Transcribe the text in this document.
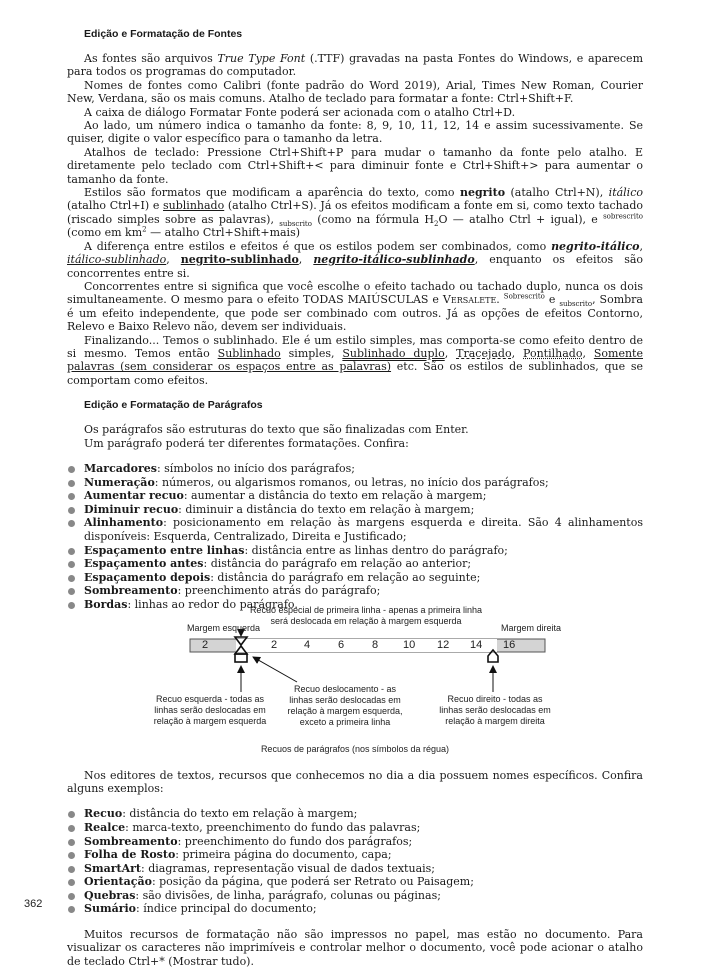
Edição e Formatação de Fontes

As fontes são arquivos True Type Font (.TTF) gravadas na pasta Fontes do Windows, e aparecem para todos os programas do computador.

Nomes de fontes como Calibri (fonte padrão do Word 2019), Arial, Times New Roman, Courier New, Verdana, são os mais comuns. Atalho de teclado para formatar a fonte: Ctrl+Shift+F.

A caixa de diálogo Formatar Fonte poderá ser acionada com o atalho Ctrl+D.

Ao lado, um número indica o tamanho da fonte: 8, 9, 10, 11, 12, 14 e assim sucessivamente. Se quiser, digite o valor específico para o tamanho da letra.

Atalhos de teclado: Pressione Ctrl+Shift+P para mudar o tamanho da fonte pelo atalho. E diretamente pelo teclado com Ctrl+Shift+< para diminuir fonte e Ctrl+Shift+> para aumentar o tamanho da fonte.

Estilos são formatos que modificam a aparência do texto, como negrito (atalho Ctrl+N), itálico (atalho Ctrl+I) e sublinhado (atalho Ctrl+S). Já os efeitos modificam a fonte em si, como texto tachado (riscado simples sobre as palavras), $_{subscrito}$ (como na fórmula $H_2O$ — atalho Ctrl + igual), e $^{sobrescrito}$ (como em $km^2$ — atalho Ctrl+Shift+mais)

A diferença entre estilos e efeitos é que os estilos podem ser combinados, como negrito-itálico, itálico-sublinhado, negrito-sublinhado, negrito-itálico-sublinhado, enquanto os efeitos são concorrentes entre si.

Concorrentes entre si significa que você escolhe o efeito tachado ou tachado duplo, nunca os dois simultaneamente. O mesmo para o efeito TODAS MAIÚSCULAS e Versalete. $^{Sobrescrito}$ e $_{subscrito}$, Sombra é um efeito independente, que pode ser combinado com outros. Já as opções de efeitos Contorno, Relevo e Baixo Relevo não, devem ser individuais.

Finalizando... Temos o sublinhado. Ele é um estilo simples, mas comporta-se como efeito dentro de si mesmo. Temos então Sublinhado simples, Sublinhado duplo, Tracejado, Pontilhado, Somente palavras (sem considerar os espaços entre as palavras) etc. São os estilos de sublinhados, que se comportam como efeitos.

Edição e Formatação de Parágrafos

Os parágrafos são estruturas do texto que são finalizadas com Enter.

Um parágrafo poderá ter diferentes formatações. Confira:

Marcadores: símbolos no início dos parágrafos;
Numeração: números, ou algarismos romanos, ou letras, no início dos parágrafos;
Aumentar recuo: aumentar a distância do texto em relação à margem;
Diminuir recuo: diminuir a distância do texto em relação à margem;
Alinhamento: posicionamento em relação às margens esquerda e direita. São 4 alinhamentos disponíveis: Esquerda, Centralizado, Direita e Justificado;
Espaçamento entre linhas: distância entre as linhas dentro do parágrafo;
Espaçamento antes: distância do parágrafo em relação ao anterior;
Espaçamento depois: distância do parágrafo em relação ao seguinte;
Sombreamento: preenchimento atrás do parágrafo;
Bordas: linhas ao redor do parágrafo.
Margem esquerda	Margem direita
Recuo especial de primeira linha - apenas a primeira linha será deslocada em relação à margem esquerda
2	2 4	6	8 10 12 14 16
Recuo esquerda - todas as linhas serão deslocadas em relação à margem esquerda
Recuo deslocamento - as linhas serão deslocadas em relação à margem esquerda, exceto a primeira linha
Recuo direito - todas as linhas serão deslocadas em relação à margem direita
Recuos de parágrafos (nos símbolos da régua)

Nos editores de textos, recursos que conhecemos no dia a dia possuem nomes específicos. Confira alguns exemplos:

Recuo: distância do texto em relação à margem;
Realce: marca-texto, preenchimento do fundo das palavras;
Sombreamento: preenchimento do fundo dos parágrafos;
Folha de Rosto: primeira página do documento, capa;
SmartArt: diagramas, representação visual de dados textuais;
Orientação: posição da página, que poderá ser Retrato ou Paisagem;
Quebras: são divisões, de linha, parágrafo, colunas ou páginas;
Sumário: índice principal do documento;

Muitos recursos de formatação não são impressos no papel, mas estão no documento. Para visualizar os caracteres não imprimíveis e controlar melhor o documento, você pode acionar o atalho de teclado Ctrl+* (Mostrar tudo).

362
